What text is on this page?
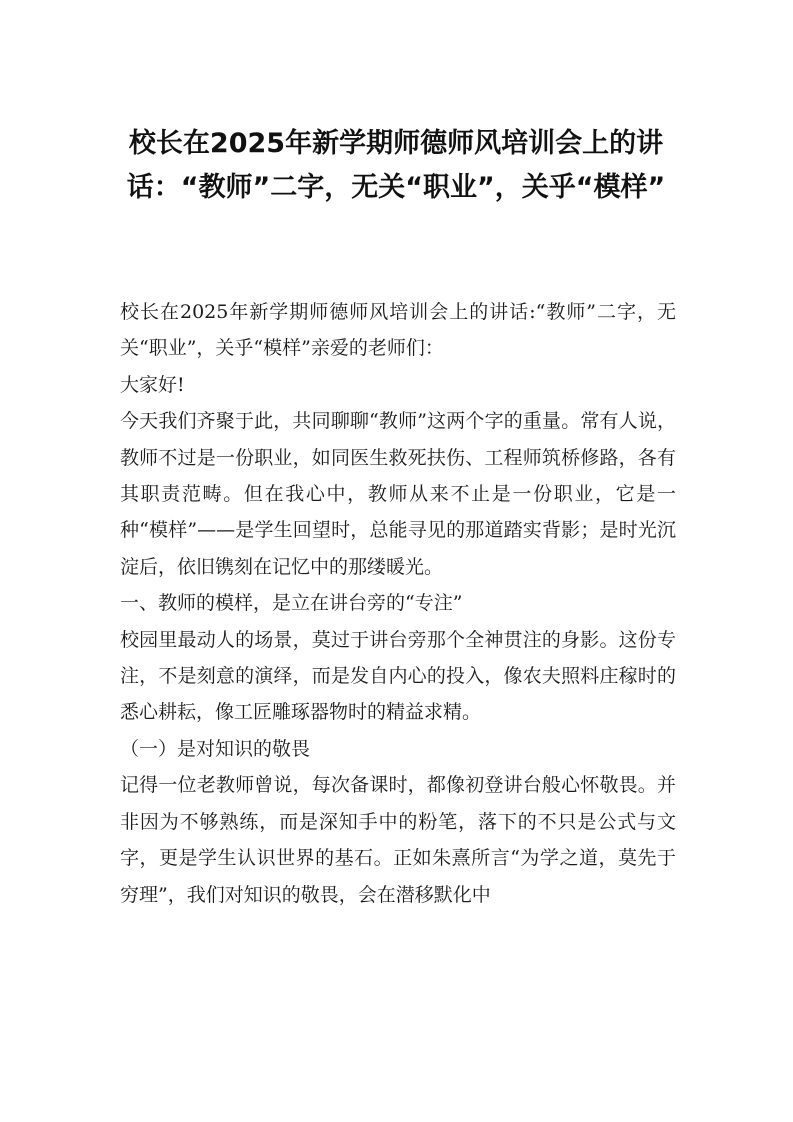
校长在2025年新学期师德师风培训会上的讲话：“教师”二字，无关“职业”，关乎“模样”

校长在2025年新学期师德师风培训会上的讲话:“教师”二字，无关“职业”，关乎“模样”亲爱的老师们：

大家好!

今天我们齐聚于此，共同聊聊“教师”这两个字的重量。常有人说，教师不过是一份职业，如同医生救死扶伤、工程师筑桥修路，各有其职责范畴。但在我心中，教师从来不止是一份职业，它是一种“模样”——是学生回望时，总能寻见的那道踏实背影；是时光沉淀后，依旧镌刻在记忆中的那缕暖光。

一、教师的模样，是立在讲台旁的“专注”

校园里最动人的场景，莫过于讲台旁那个全神贯注的身影。这份专注，不是刻意的演绎，而是发自内心的投入，像农夫照料庄稼时的悉心耕耘，像工匠雕琢器物时的精益求精。

（一）是对知识的敬畏

记得一位老教师曾说，每次备课时，都像初登讲台般心怀敬畏。并非因为不够熟练，而是深知手中的粉笔，落下的不只是公式与文字，更是学生认识世界的基石。正如朱熹所言“为学之道，莫先于穷理”，我们对知识的敬畏，会在潜移默化中
